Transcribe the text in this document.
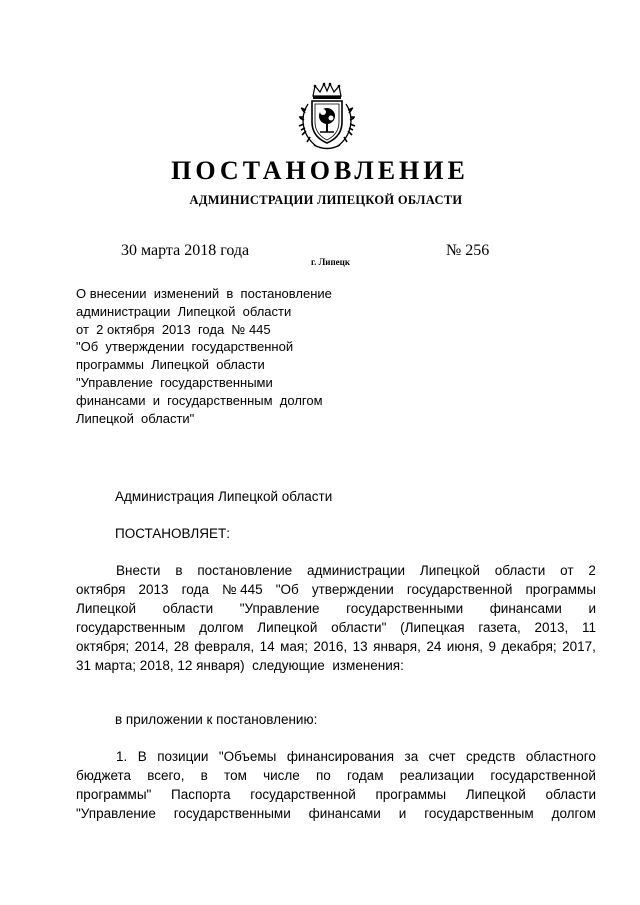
ПОСТАНОВЛЕНИЕ
АДМИНИСТРАЦИИ ЛИПЕЦКОЙ ОБЛАСТИ
30 марта 2018 года
г. Липецк
№ 256
О внесении  изменений  в  постановление
администрации  Липецкой  области
от  2 октября  2013  года  № 445
"Об  утверждении  государственной
программы  Липецкой  области
"Управление  государственными
финансами  и  государственным  долгом
Липецкой  области"
Администрация Липецкой области
ПОСТАНОВЛЯЕТ:
Внести в постановление администрации Липецкой области от 2
октября 2013 года № 445 "Об утверждении государственной программы
Липецкой области "Управление государственными финансами и
государственным долгом Липецкой области" (Липецкая газета, 2013, 11
октября; 2014, 28 февраля, 14 мая; 2016, 13 января, 24 июня, 9 декабря; 2017,
31 марта; 2018, 12 января)  следующие  изменения:
в приложении к постановлению:
1. В позиции "Объемы финансирования за счет средств областного
бюджета всего, в том числе по годам реализации государственной
программы" Паспорта государственной программы Липецкой области
"Управление государственными финансами и государственным долгом
